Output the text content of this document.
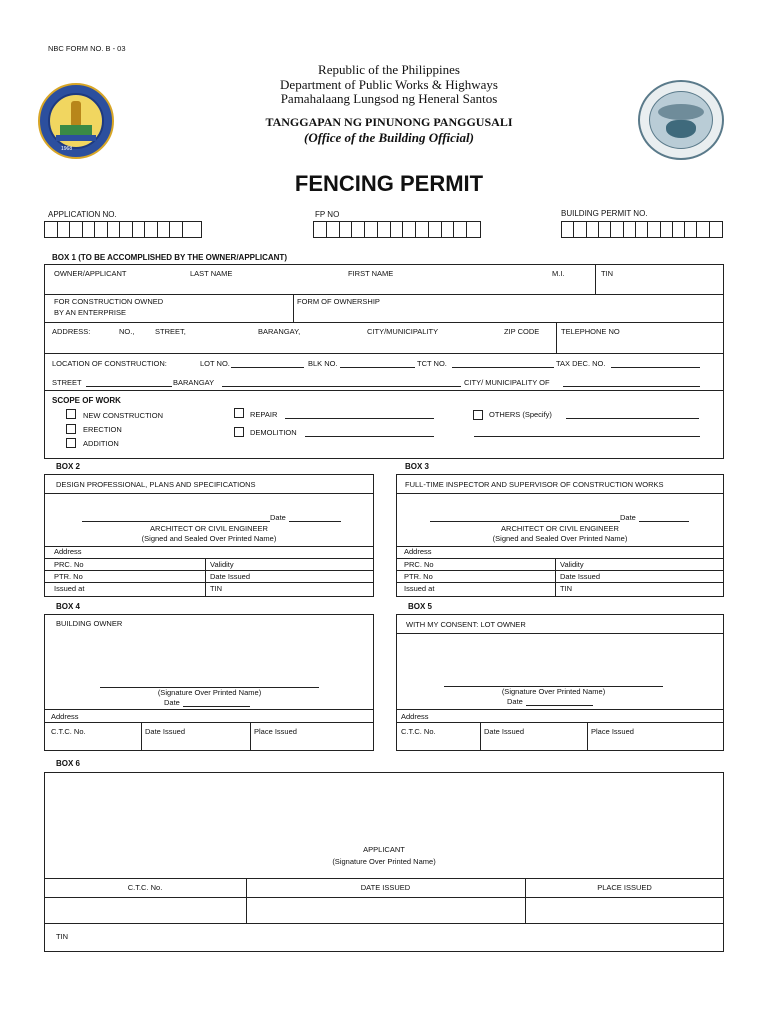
NBC FORM NO. B - 03
1968
Republic of the Philippines
Department of Public Works & Highways
Pamahalaang Lungsod ng Heneral Santos
TANGGAPAN NG PINUNONG PANGGUSALI
(Office of the Building Official)
FENCING PERMIT
APPLICATION NO.	FP NO	BUILDING PERMIT NO.
BOX 1 (TO BE ACCOMPLISHED BY THE OWNER/APPLICANT)
OWNER/APPLICANT	LAST NAME	FIRST NAME	M.I.	TIN
FOR CONSTRUCTION OWNED
BY AN ENTERPRISE
FORM OF OWNERSHIP
ADDRESS:	NO.,	STREET,	BARANGAY,	CITY/MUNICIPALITY	ZIP CODE	TELEPHONE NO
LOCATION OF CONSTRUCTION:	LOT NO.	BLK NO.	TCT NO.	TAX DEC. NO.
STREET	BARANGAY	CITY/ MUNICIPALITY OF
SCOPE OF WORK
NEW CONSTRUCTION
ERECTION
ADDITION
REPAIR
DEMOLITION
OTHERS (Specify)
BOX 2
DESIGN PROFESSIONAL, PLANS AND SPECIFICATIONS
Date
ARCHITECT OR CIVIL ENGINEER
(Signed and Sealed Over Printed Name)
Address
PRC. No	Validity
PTR. No	Date Issued
Issued at	TIN
BOX 3
FULL-TIME INSPECTOR AND SUPERVISOR OF CONSTRUCTION WORKS
Date
ARCHITECT OR CIVIL ENGINEER
(Signed and Sealed Over Printed Name)
Address
PRC. No	Validity
PTR. No	Date Issued
Issued at	TIN
BOX 4
BUILDING OWNER
(Signature Over Printed Name)
Date
Address
C.T.C. No.	Date Issued	Place Issued
BOX 5
WITH MY CONSENT: LOT OWNER
(Signature Over Printed Name)
Date
Address
C.T.C. No.	Date Issued	Place Issued
BOX 6
APPLICANT
(Signature Over Printed Name)
C.T.C. No.	DATE ISSUED	PLACE ISSUED
TIN
